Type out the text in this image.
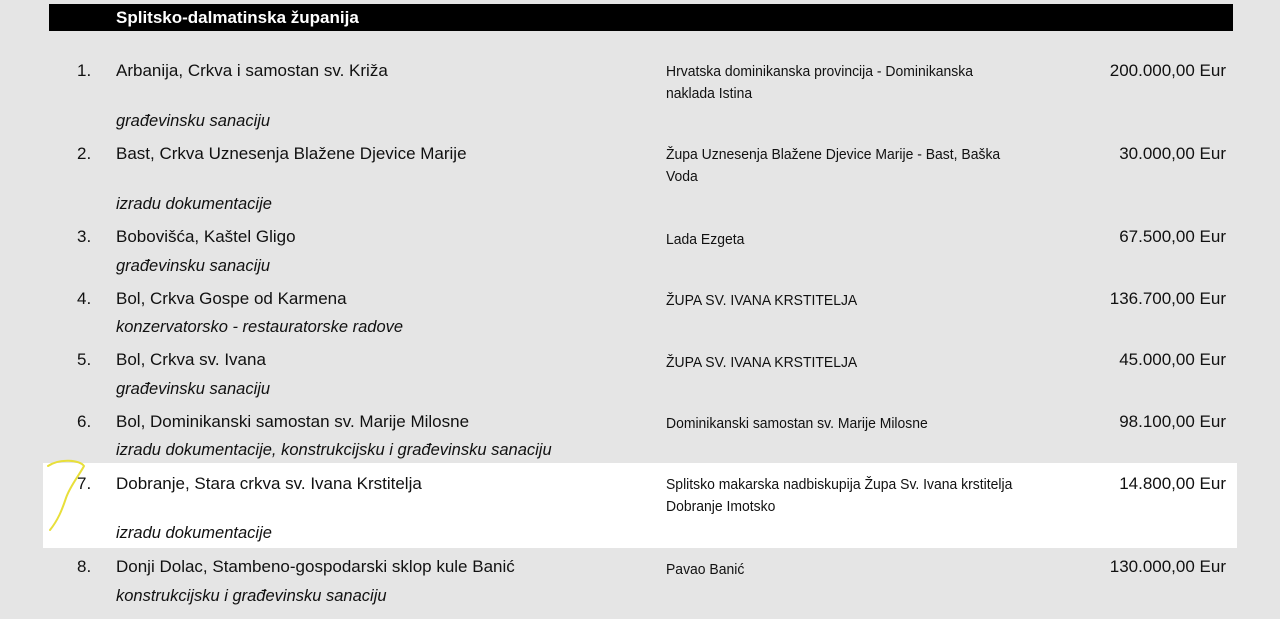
Splitsko-dalmatinska županija
1. Arbanija, Crkva i samostan sv. Križa	Hrvatska dominikanska provincija - Dominikanska naklada Istina
200.000,00 Eur
građevinsku sanaciju
2. Bast, Crkva Uznesenja Blažene Djevice Marije	Župa Uznesenja Blažene Djevice Marije - Bast, Baška Voda
30.000,00 Eur
izradu dokumentacije
3. Bobovišća, Kaštel Gligo	Lada Ezgeta	67.500,00 Eur
građevinsku sanaciju
4. Bol, Crkva Gospe od Karmena	ŽUPA SV. IVANA KRSTITELJA	136.700,00 Eur
konzervatorsko - restauratorske radove
5. Bol, Crkva sv. Ivana	ŽUPA SV. IVANA KRSTITELJA	45.000,00 Eur
građevinsku sanaciju
6. Bol, Dominikanski samostan sv. Marije Milosne	Dominikanski samostan sv. Marije Milosne	98.100,00 Eur
izradu dokumentacije, konstrukcijsku i građevinsku sanaciju
7. Dobranje, Stara crkva sv. Ivana Krstitelja	Splitsko makarska nadbiskupija Župa Sv. Ivana krstitelja Dobranje Imotsko
14.800,00 Eur
izradu dokumentacije
8. Donji Dolac, Stambeno-gospodarski sklop kule Banić	Pavao Banić	130.000,00 Eur
konstrukcijsku i građevinsku sanaciju
